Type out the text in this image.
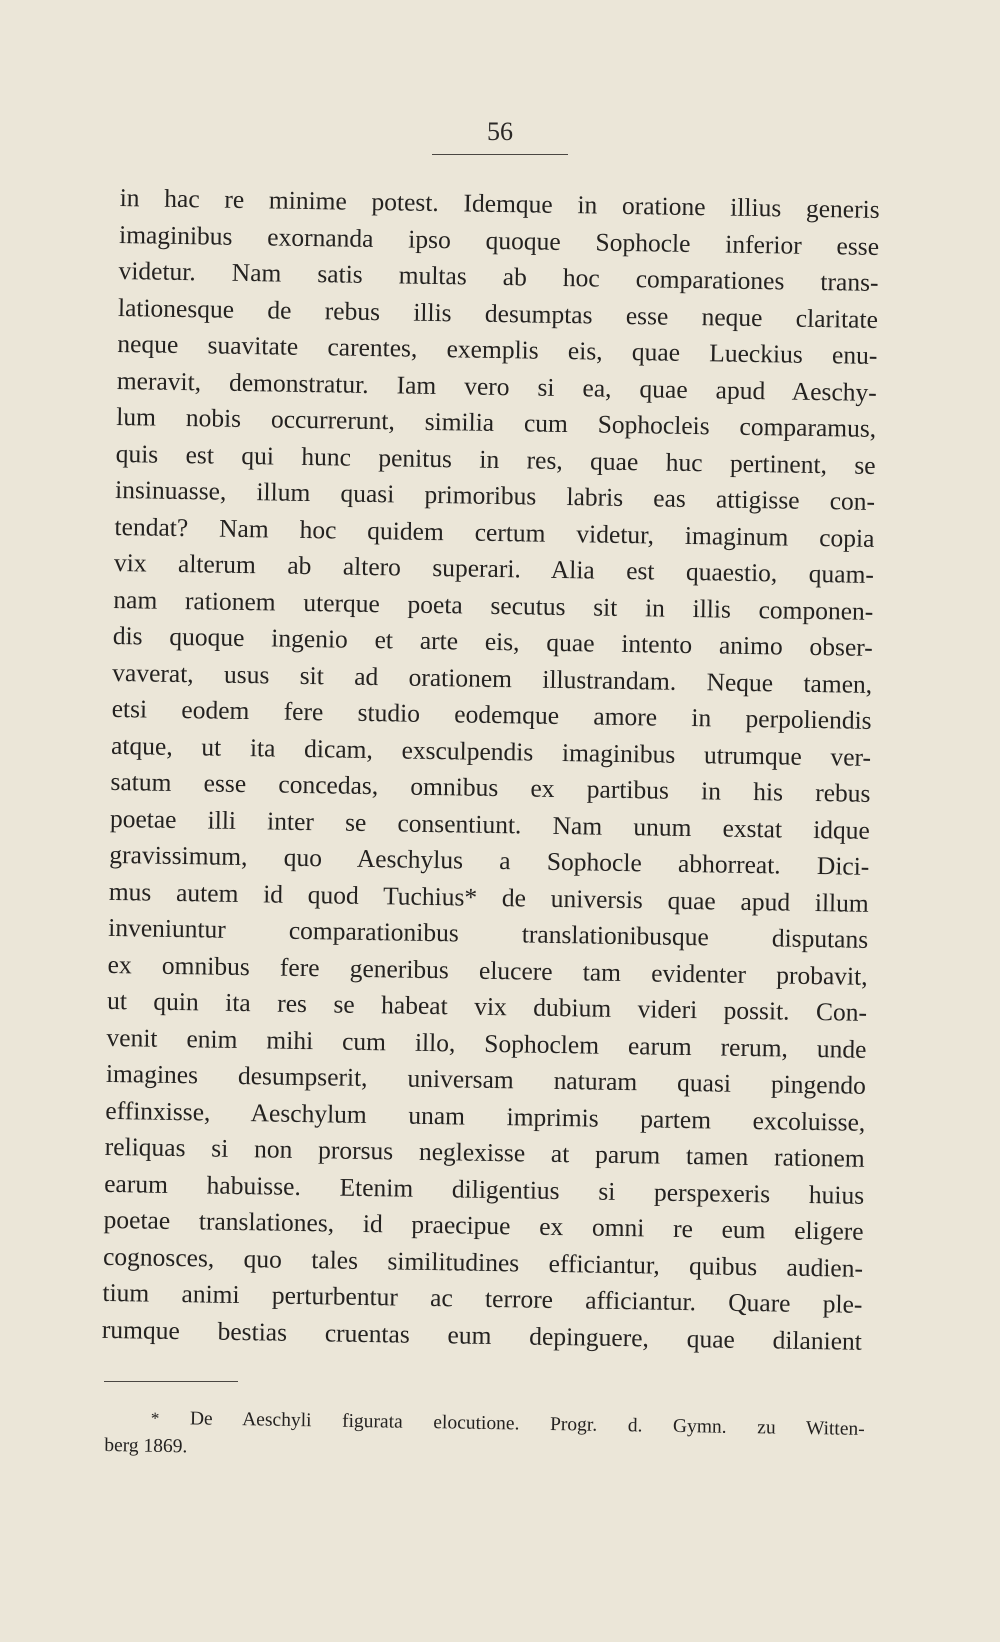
56
in hac re minime potest. Idemque in oratione illius generis
imaginibus exornanda ipso quoque Sophocle inferior esse
videtur. Nam satis multas ab hoc comparationes trans-
lationesque de rebus illis desumptas esse neque claritate
neque suavitate carentes, exemplis eis, quae Lueckius enu-
meravit, demonstratur. Iam vero si ea, quae apud Aeschy-
lum nobis occurrerunt, similia cum Sophocleis comparamus,
quis est qui hunc penitus in res, quae huc pertinent, se
insinuasse, illum quasi primoribus labris eas attigisse con-
tendat? Nam hoc quidem certum videtur, imaginum copia
vix alterum ab altero superari. Alia est quaestio, quam-
nam rationem uterque poeta secutus sit in illis componen-
dis quoque ingenio et arte eis, quae intento animo obser-
vaverat, usus sit ad orationem illustrandam. Neque tamen,
etsi eodem fere studio eodemque amore in perpoliendis
atque, ut ita dicam, exsculpendis imaginibus utrumque ver-
satum esse concedas, omnibus ex partibus in his rebus
poetae illi inter se consentiunt. Nam unum exstat idque
gravissimum, quo Aeschylus a Sophocle abhorreat. Dici-
mus autem id quod Tuchius* de universis quae apud illum
inveniuntur comparationibus translationibusque disputans
ex omnibus fere generibus elucere tam evidenter probavit,
ut quin ita res se habeat vix dubium videri possit. Con-
venit enim mihi cum illo, Sophoclem earum rerum, unde
imagines desumpserit, universam naturam quasi pingendo
effinxisse, Aeschylum unam imprimis partem excoluisse,
reliquas si non prorsus neglexisse at parum tamen rationem
earum habuisse. Etenim diligentius si perspexeris huius
poetae translationes, id praecipue ex omni re eum eligere
cognosces, quo tales similitudines efficiantur, quibus audien-
tium animi perturbentur ac terrore afficiantur. Quare ple-
rumque bestias cruentas eum depinguere, quae dilanient
* De Aeschyli figurata elocutione. Progr. d. Gymn. zu Witten-
berg 1869.
